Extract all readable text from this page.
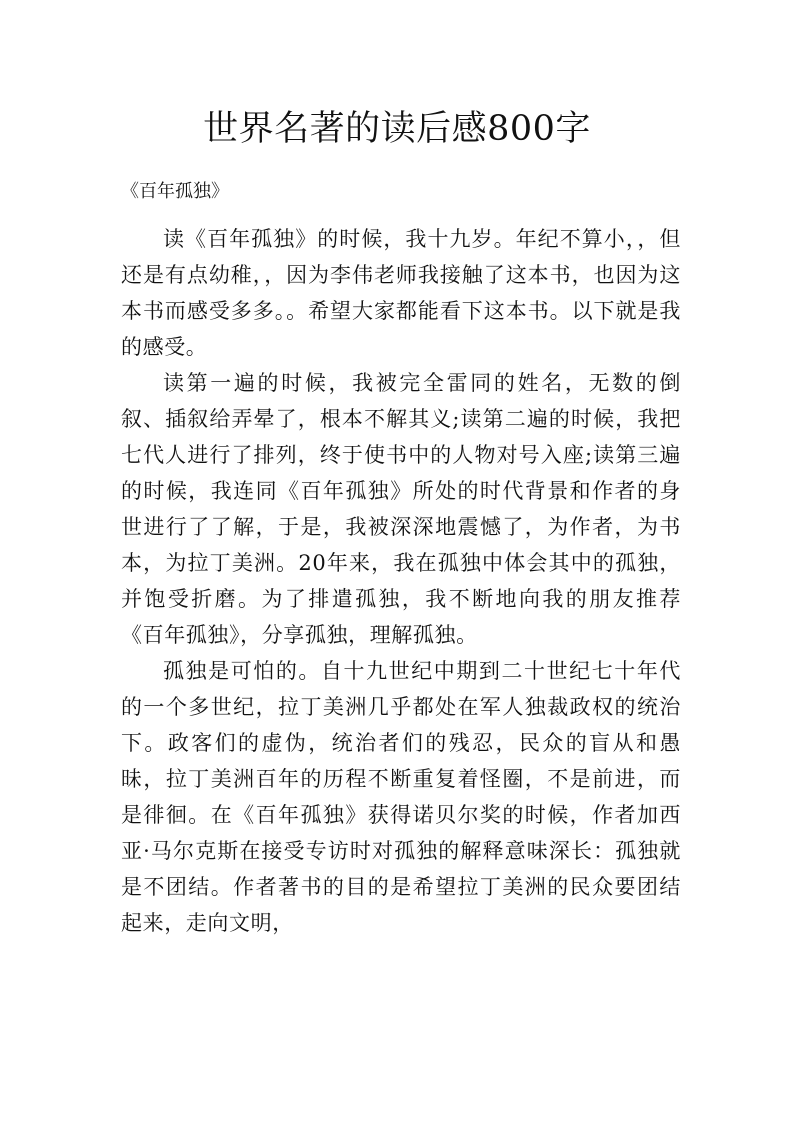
世界名著的读后感800字

《百年孤独》

读《百年孤独》的时候，我十九岁。年纪不算小，，但还是有点幼稚，，因为李伟老师我接触了这本书，也因为这本书而感受多多。。希望大家都能看下这本书。以下就是我的感受。

读第一遍的时候，我被完全雷同的姓名，无数的倒叙、插叙给弄晕了，根本不解其义;读第二遍的时候，我把七代人进行了排列，终于使书中的人物对号入座;读第三遍的时候，我连同《百年孤独》所处的时代背景和作者的身世进行了了解，于是，我被深深地震憾了，为作者，为书本，为拉丁美洲。20年来，我在孤独中体会其中的孤独，并饱受折磨。为了排遣孤独，我不断地向我的朋友推荐《百年孤独》，分享孤独，理解孤独。

孤独是可怕的。自十九世纪中期到二十世纪七十年代的一个多世纪，拉丁美洲几乎都处在军人独裁政权的统治下。政客们的虚伪，统治者们的残忍，民众的盲从和愚昧，拉丁美洲百年的历程不断重复着怪圈，不是前进，而是徘徊。在《百年孤独》获得诺贝尔奖的时候，作者加西亚·马尔克斯在接受专访时对孤独的解释意味深长：孤独就是不团结。作者著书的目的是希望拉丁美洲的民众要团结起来，走向文明，
